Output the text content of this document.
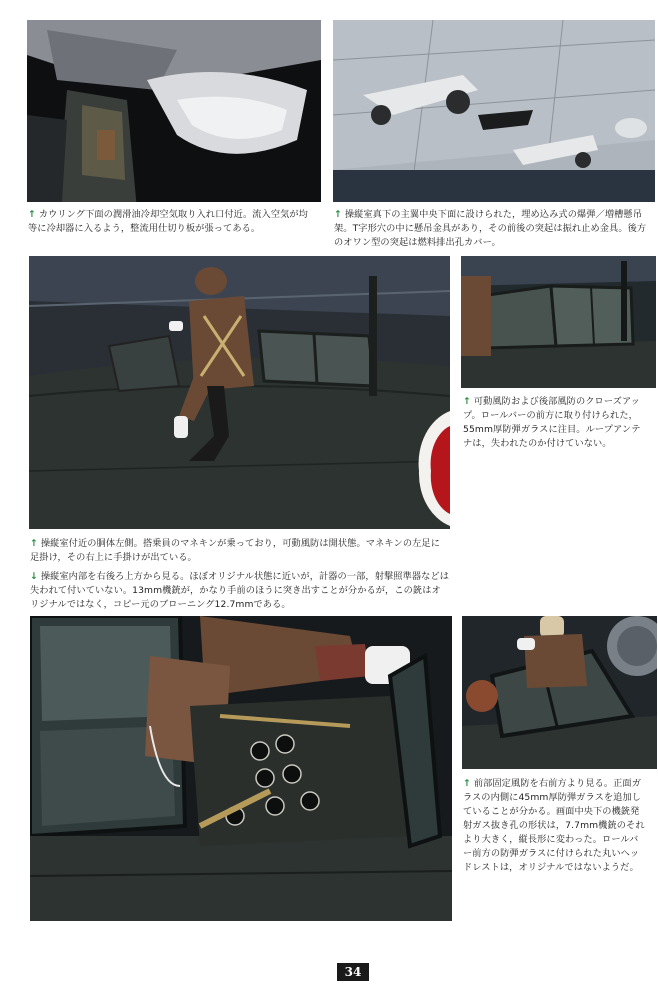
↑ カウリング下面の潤滑油冷却空気取り入れ口付近。流入空気が均等に冷却器に入るよう，整流用仕切り板が張ってある。

↑ 操縦室真下の主翼中央下面に設けられた，埋め込み式の爆弾／増槽懸吊架。T字形穴の中に懸吊金具があり，その前後の突起は振れ止め金具。後方のオワン型の突起は燃料排出孔カバー。

↑ 可動風防および後部風防のクローズアップ。ロールバーの前方に取り付けられた，55mm厚防弾ガラスに注目。ループアンテナは，失われたのか付けていない。

↑ 操縦室付近の胴体左側。搭乗員のマネキンが乗っており，可動風防は開状態。マネキンの左足に足掛け，その右上に手掛けが出ている。

↓ 操縦室内部を右後ろ上方から見る。ほぼオリジナル状態に近いが，計器の一部，射撃照準器などは失われて付いていない。13mm機銃が，かなり手前のほうに突き出すことが分かるが，この銃はオリジナルではなく，コピー元のブローニング12.7mmである。

↑ 前部固定風防を右前方より見る。正面ガラスの内側に45mm厚防弾ガラスを追加していることが分かる。画面中央下の機銃発射ガス抜き孔の形状は，7.7mm機銃のそれより大きく，縦長形に変わった。ロールバー前方の防弾ガラスに付けられた丸いヘッドレストは，オリジナルではないようだ。

34
